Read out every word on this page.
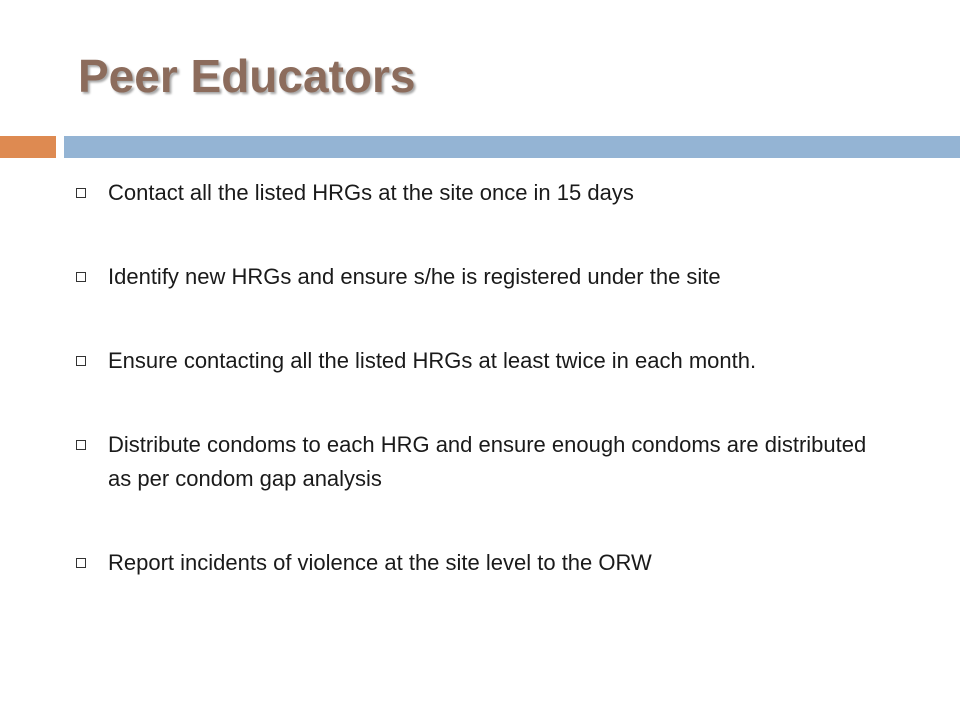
Peer Educators
Contact all the listed HRGs at the site once in 15 days
Identify new HRGs and ensure s/he is registered under the site
Ensure contacting all the listed HRGs at least twice in each month.
Distribute condoms to each HRG and ensure enough condoms are distributed as per condom gap analysis
Report incidents of violence at the site level to the ORW
